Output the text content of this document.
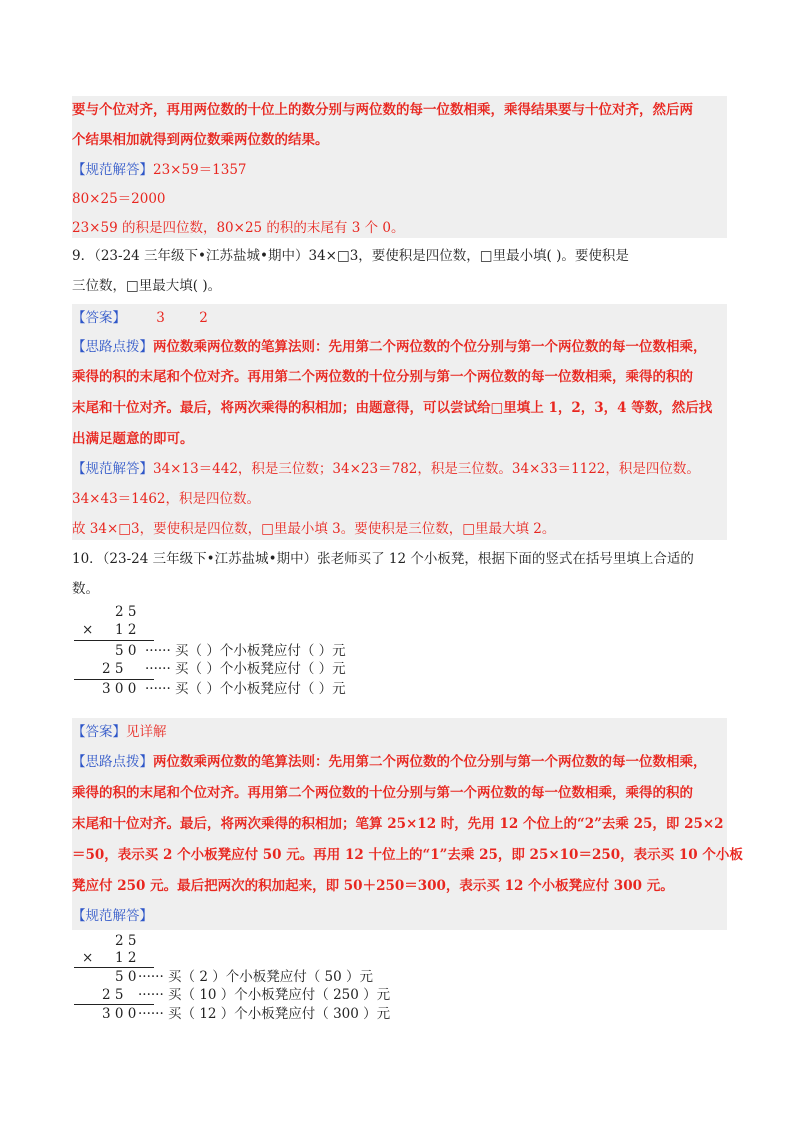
要与个位对齐，再用两位数的十位上的数分别与两位数的每一位数相乘，乘得结果要与十位对齐，然后两
个结果相加就得到两位数乘两位数的结果。
【规范解答】23×59＝1357
80×25＝2000
23×59 的积是四位数，80×25 的积的末尾有 3 个 0。
9．（23-24 三年级下•江苏盐城•期中）34×□3，要使积是四位数，□里最小填( )。要使积是
三位数，□里最大填( )。
【答案】 3	2
【思路点拨】两位数乘两位数的笔算法则：先用第二个两位数的个位分别与第一个两位数的每一位数相乘，
乘得的积的末尾和个位对齐。再用第二个两位数的十位分别与第一个两位数的每一位数相乘，乘得的积的
末尾和十位对齐。最后，将两次乘得的积相加；由题意得，可以尝试给□里填上 1，2，3，4 等数，然后找
出满足题意的即可。
【规范解答】34×13＝442，积是三位数；34×23＝782，积是三位数。34×33＝1122，积是四位数。
34×43＝1462，积是四位数。
故 34×□3，要使积是四位数，□里最小填 3。要使积是三位数，□里最大填 2。
10．（23-24 三年级下•江苏盐城•期中）张老师买了 12 个小板凳，根据下面的竖式在括号里填上合适的
数。
2 5
× 1 2
5 0 ······ 买（ ）个小板凳应付（ ）元
2 5 ······ 买（ ）个小板凳应付（ ）元
3 0 0 ······ 买（ ）个小板凳应付（ ）元
【答案】见详解
【思路点拨】两位数乘两位数的笔算法则：先用第二个两位数的个位分别与第一个两位数的每一位数相乘，
乘得的积的末尾和个位对齐。再用第二个两位数的十位分别与第一个两位数的每一位数相乘，乘得的积的
末尾和十位对齐。最后，将两次乘得的积相加；笔算 25×12 时，先用 12 个位上的“2”去乘 25，即 25×2
＝50，表示买 2 个小板凳应付 50 元。再用 12 十位上的“1”去乘 25，即 25×10＝250，表示买 10 个小板
凳应付 250 元。最后把两次的积加起来，即 50＋250＝300，表示买 12 个小板凳应付 300 元。
【规范解答】
2 5
× 1 2
5 0 ······ 买（ 2 ）个小板凳应付（ 50 ）元
2 5 ······ 买（ 10 ）个小板凳应付（ 250 ）元
3 0 0 ······ 买（ 12 ）个小板凳应付（ 300 ）元
